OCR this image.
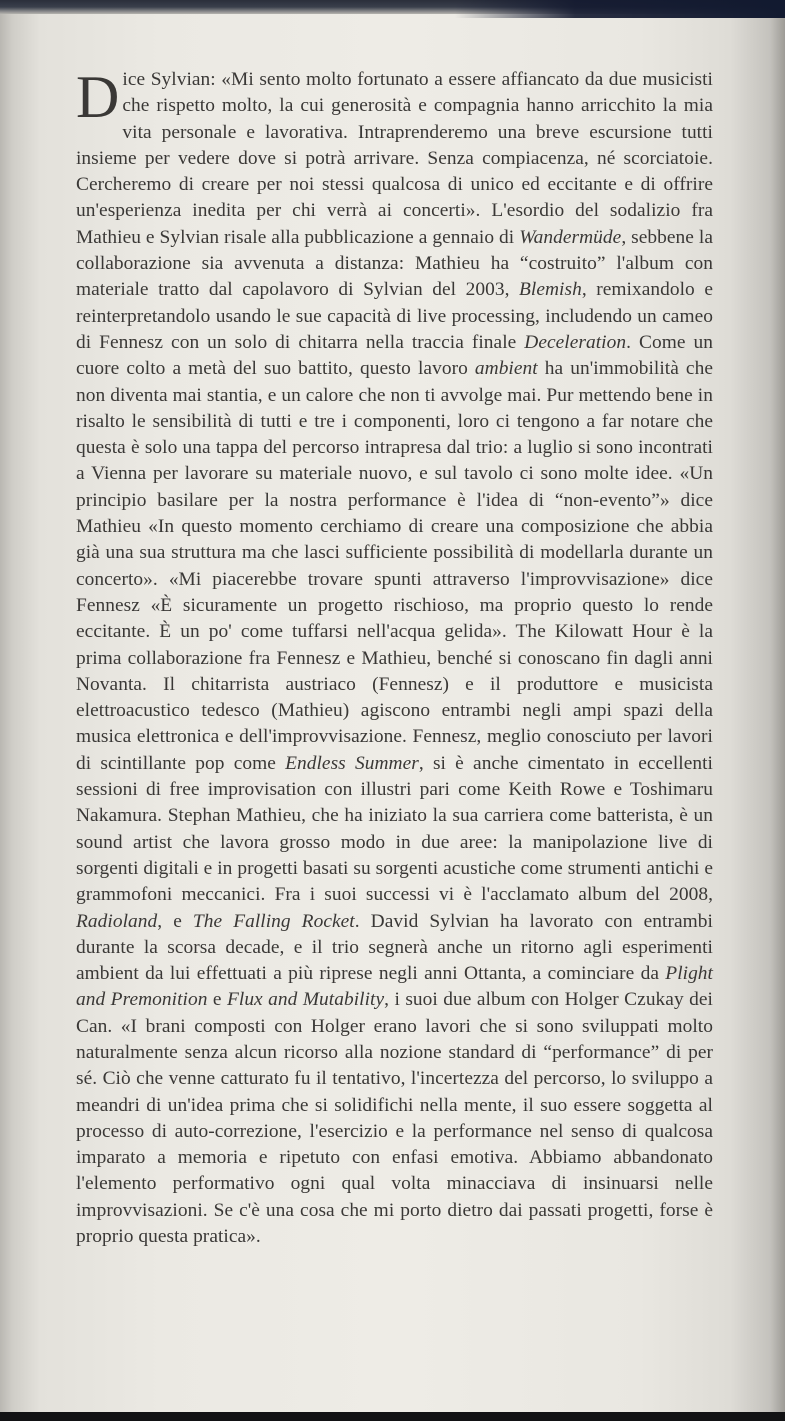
Dice Sylvian: «Mi sento molto fortunato a essere affiancato da due musicisti che rispetto molto, la cui generosità e compagnia hanno arricchito la mia vita personale e lavorativa. Intraprenderemo una breve escursione tutti insieme per vedere dove si potrà arrivare. Senza compiacenza, né scorciatoie. Cercheremo di creare per noi stessi qualcosa di unico ed eccitante e di offrire un'esperienza inedita per chi verrà ai concerti». L'esordio del sodalizio fra Mathieu e Sylvian risale alla pubblicazione a gennaio di Wandermüde, sebbene la collaborazione sia avvenuta a distanza: Mathieu ha “costruito” l'album con materiale tratto dal capolavoro di Sylvian del 2003, Blemish, remixandolo e reinterpretandolo usando le sue capacità di live processing, includendo un cameo di Fennesz con un solo di chitarra nella traccia finale Deceleration. Come un cuore colto a metà del suo battito, questo lavoro ambient ha un'immobilità che non diventa mai stantia, e un calore che non ti avvolge mai. Pur mettendo bene in risalto le sensibilità di tutti e tre i componenti, loro ci tengono a far notare che questa è solo una tappa del percorso intrapresa dal trio: a luglio si sono incontrati a Vienna per lavorare su materiale nuovo, e sul tavolo ci sono molte idee. «Un principio basilare per la nostra performance è l'idea di “non-evento”» dice Mathieu «In questo momento cerchiamo di creare una composizione che abbia già una sua struttura ma che lasci sufficiente possibilità di modellarla durante un concerto». «Mi piacerebbe trovare spunti attraverso l'improvvisazione» dice Fennesz «È sicuramente un progetto rischioso, ma proprio questo lo rende eccitante. È un po' come tuffarsi nell'acqua gelida». The Kilowatt Hour è la prima collaborazione fra Fennesz e Mathieu, benché si conoscano fin dagli anni Novanta. Il chitarrista austriaco (Fennesz) e il produttore e musicista elettroacustico tedesco (Mathieu) agiscono entrambi negli ampi spazi della musica elettronica e dell'improvvisazione. Fennesz, meglio conosciuto per lavori di scintillante pop come Endless Summer, si è anche cimentato in eccellenti sessioni di free improvisation con illustri pari come Keith Rowe e Toshimaru Nakamura. Stephan Mathieu, che ha iniziato la sua carriera come batterista, è un sound artist che lavora grosso modo in due aree: la manipolazione live di sorgenti digitali e in progetti basati su sorgenti acustiche come strumenti antichi e grammofoni meccanici. Fra i suoi successi vi è l'acclamato album del 2008, Radioland, e The Falling Rocket. David Sylvian ha lavorato con entrambi durante la scorsa decade, e il trio segnerà anche un ritorno agli esperimenti ambient da lui effettuati a più riprese negli anni Ottanta, a cominciare da Plight and Premonition e Flux and Mutability, i suoi due album con Holger Czukay dei Can. «I brani composti con Holger erano lavori che si sono sviluppati molto naturalmente senza alcun ricorso alla nozione standard di “performance” di per sé. Ciò che venne catturato fu il tentativo, l'incertezza del percorso, lo sviluppo a meandri di un'idea prima che si solidifichi nella mente, il suo essere soggetta al processo di auto-correzione, l'esercizio e la performance nel senso di qualcosa imparato a memoria e ripetuto con enfasi emotiva. Abbiamo abbandonato l'elemento performativo ogni qual volta minacciava di insinuarsi nelle improvvisazioni. Se c'è una cosa che mi porto dietro dai passati progetti, forse è proprio questa pratica».
